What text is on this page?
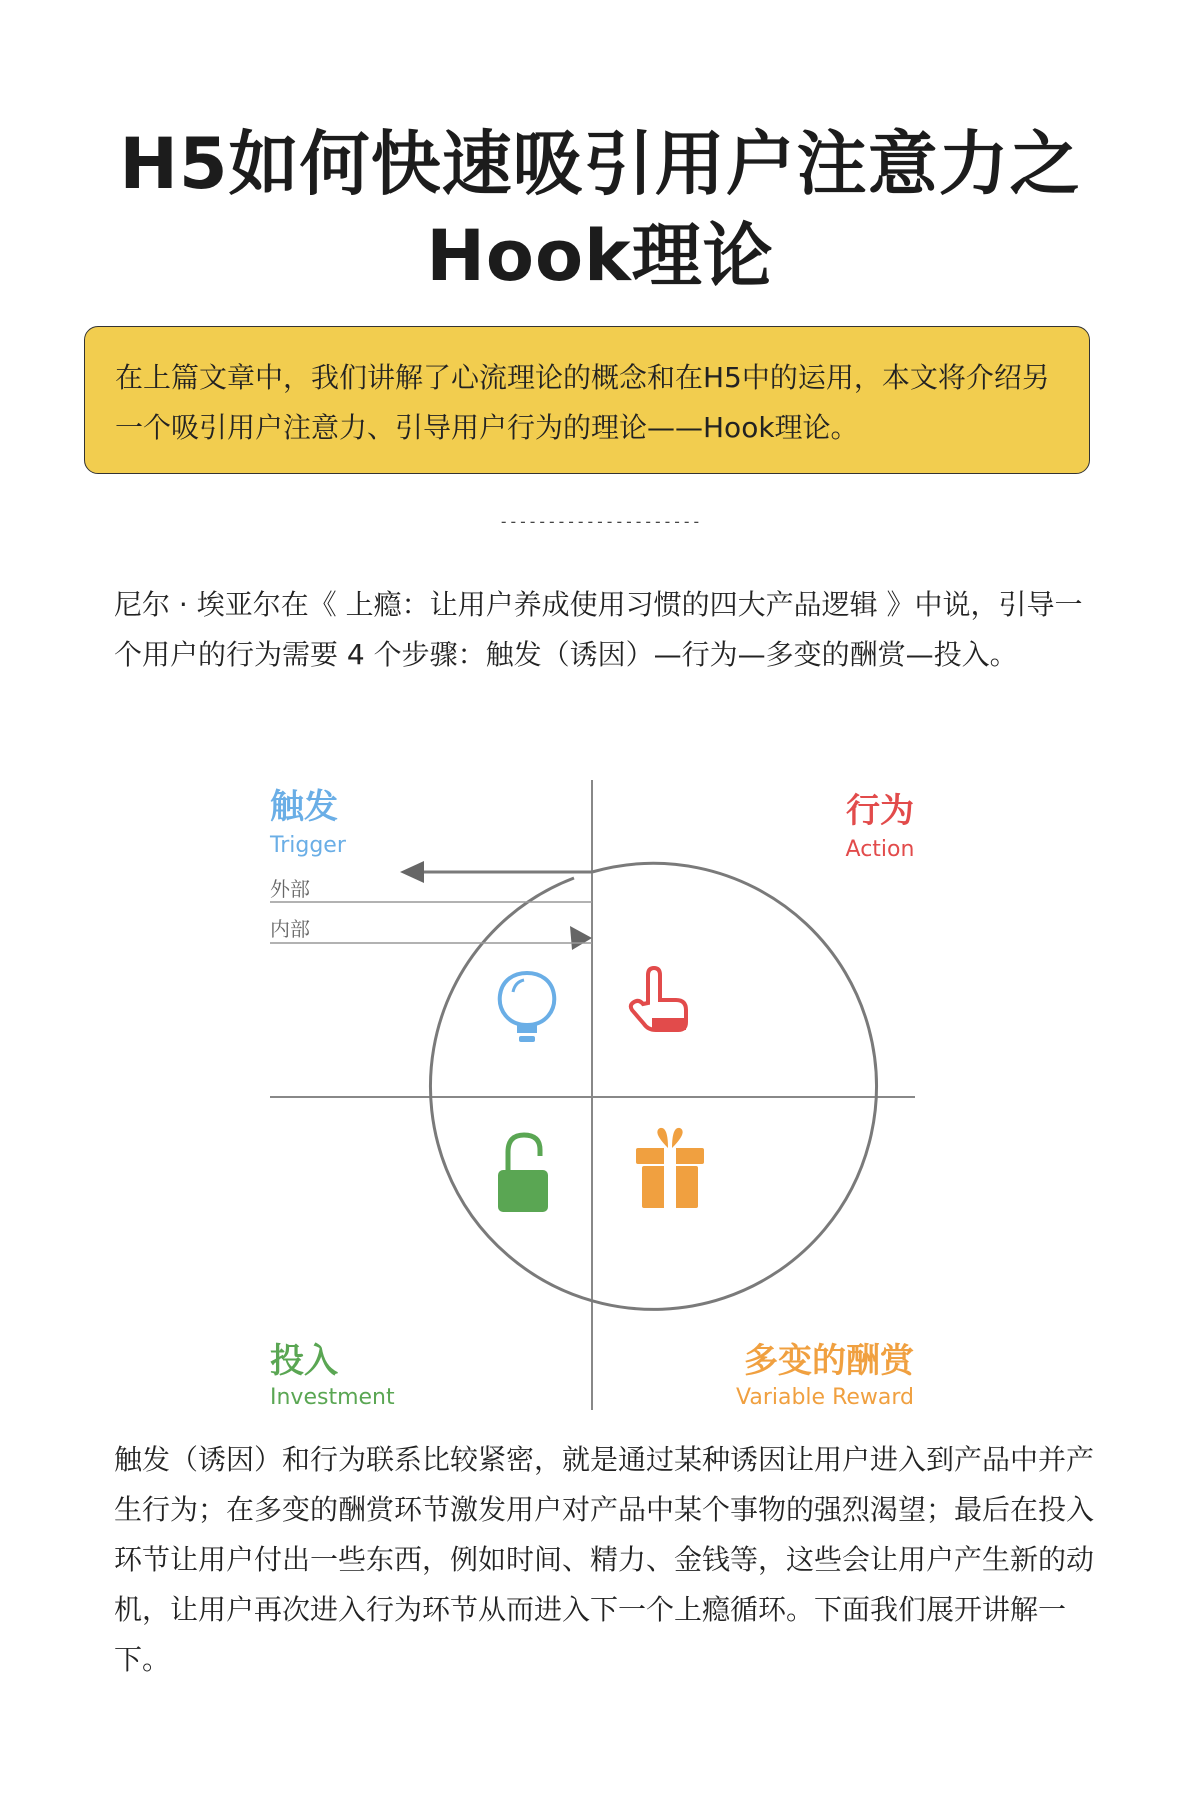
H5如何快速吸引用户注意力之
Hook理论
在上篇文章中，我们讲解了心流理论的概念和在H5中的运用，本文将介绍另一个吸引用户注意力、引导用户行为的理论——Hook理论。
---------------------
尼尔 · 埃亚尔在《 上瘾：让用户养成使用习惯的四大产品逻辑 》中说，引导一个用户的行为需要 4 个步骤：触发（诱因）—行为—多变的酬赏—投入。
触发
Trigger
外部
内部
行为
Action
投入
Investment
多变的酬赏
Variable Reward
触发（诱因）和行为联系比较紧密，就是通过某种诱因让用户进入到产品中并产生行为；在多变的酬赏环节激发用户对产品中某个事物的强烈渴望；最后在投入环节让用户付出一些东西，例如时间、精力、金钱等，这些会让用户产生新的动机，让用户再次进入行为环节从而进入下一个上瘾循环。下面我们展开讲解一下。
